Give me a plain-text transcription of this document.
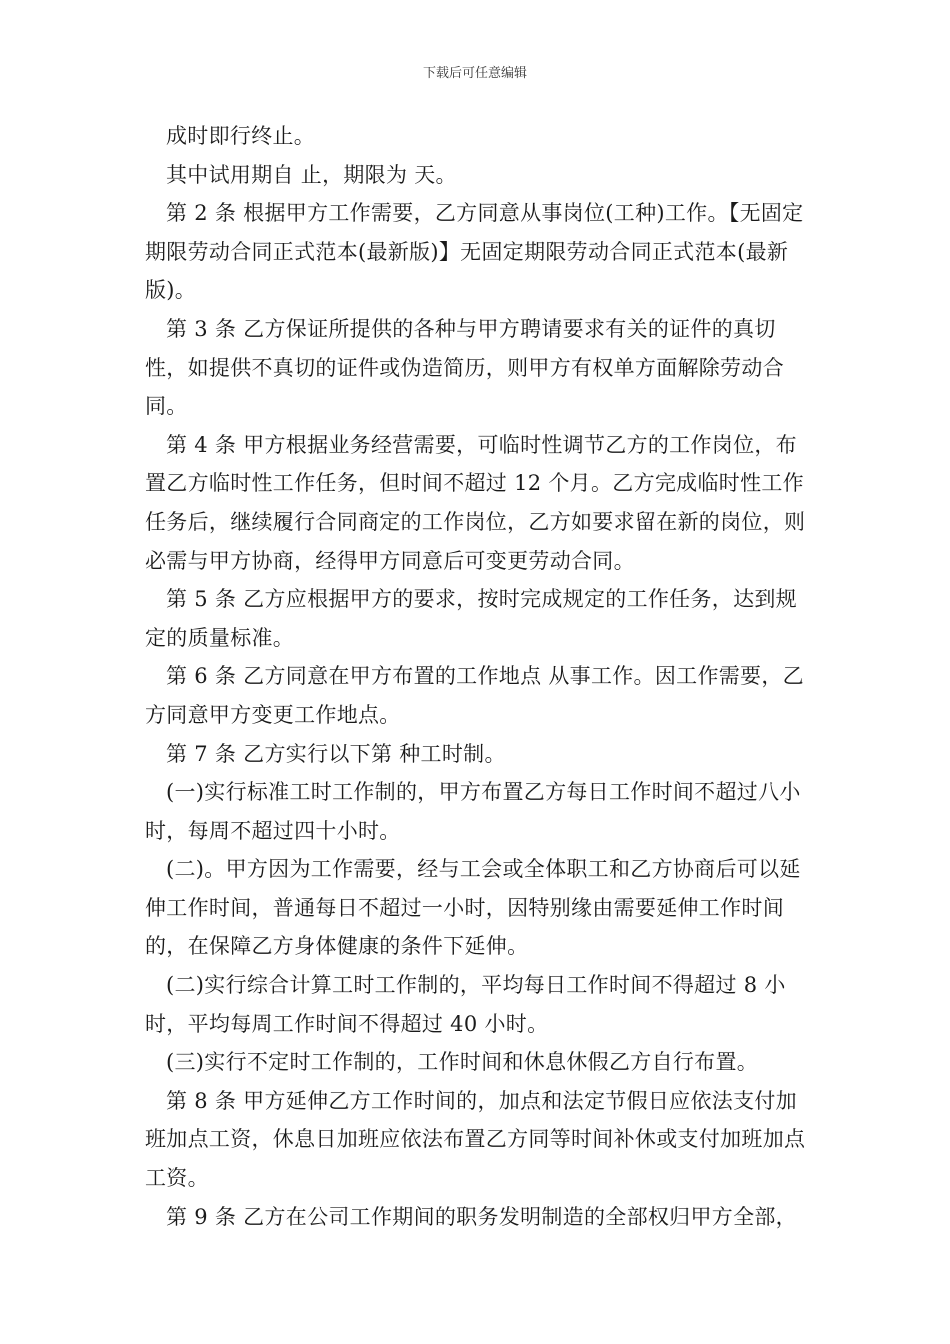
下载后可任意编辑

成时即行终止。

其中试用期自 止，期限为 天。

第 2 条 根据甲方工作需要，乙方同意从事岗位(工种)工作。【无固定期限劳动合同正式范本(最新版)】无固定期限劳动合同正式范本(最新版)。

第 3 条 乙方保证所提供的各种与甲方聘请要求有关的证件的真切性，如提供不真切的证件或伪造简历，则甲方有权单方面解除劳动合同。

第 4 条 甲方根据业务经营需要，可临时性调节乙方的工作岗位，布置乙方临时性工作任务，但时间不超过 12 个月。乙方完成临时性工作任务后，继续履行合同商定的工作岗位，乙方如要求留在新的岗位，则必需与甲方协商，经得甲方同意后可变更劳动合同。

第 5 条 乙方应根据甲方的要求，按时完成规定的工作任务，达到规定的质量标准。

第 6 条 乙方同意在甲方布置的工作地点 从事工作。因工作需要，乙方同意甲方变更工作地点。

第 7 条 乙方实行以下第 种工时制。

(一)实行标准工时工作制的，甲方布置乙方每日工作时间不超过八小时，每周不超过四十小时。

(二)。甲方因为工作需要，经与工会或全体职工和乙方协商后可以延伸工作时间，普通每日不超过一小时，因特别缘由需要延伸工作时间的，在保障乙方身体健康的条件下延伸。

(二)实行综合计算工时工作制的，平均每日工作时间不得超过 8 小时，平均每周工作时间不得超过 40 小时。

(三)实行不定时工作制的，工作时间和休息休假乙方自行布置。

第 8 条 甲方延伸乙方工作时间的，加点和法定节假日应依法支付加班加点工资，休息日加班应依法布置乙方同等时间补休或支付加班加点工资。

第 9 条 乙方在公司工作期间的职务发明制造的全部权归甲方全部，
